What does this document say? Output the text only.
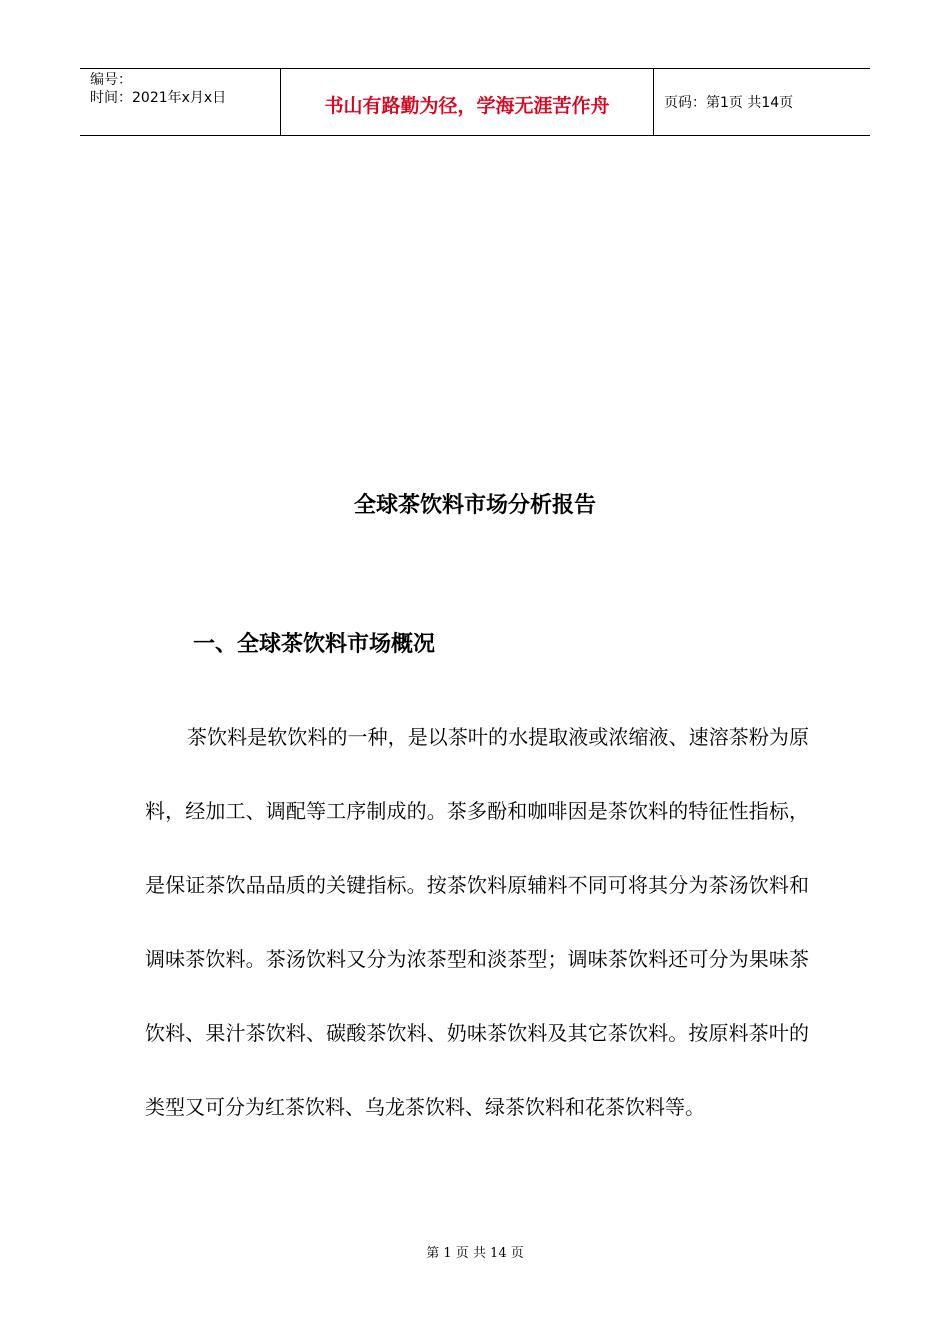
编号：
时间：2021年x月x日	书山有路勤为径，学海无涯苦作舟	页码：第1页 共14页
全球茶饮料市场分析报告
一、全球茶饮料市场概况

茶饮料是软饮料的一种，是以茶叶的水提取液或浓缩液、速溶茶粉为原料，经加工、调配等工序制成的。茶多酚和咖啡因是茶饮料的特征性指标，是保证茶饮品品质的关键指标。按茶饮料原辅料不同可将其分为茶汤饮料和调味茶饮料。茶汤饮料又分为浓茶型和淡茶型；调味茶饮料还可分为果味茶饮料、果汁茶饮料、碳酸茶饮料、奶味茶饮料及其它茶饮料。按原料茶叶的类型又可分为红茶饮料、乌龙茶饮料、绿茶饮料和花茶饮料等。

第 1 页 共 14 页
